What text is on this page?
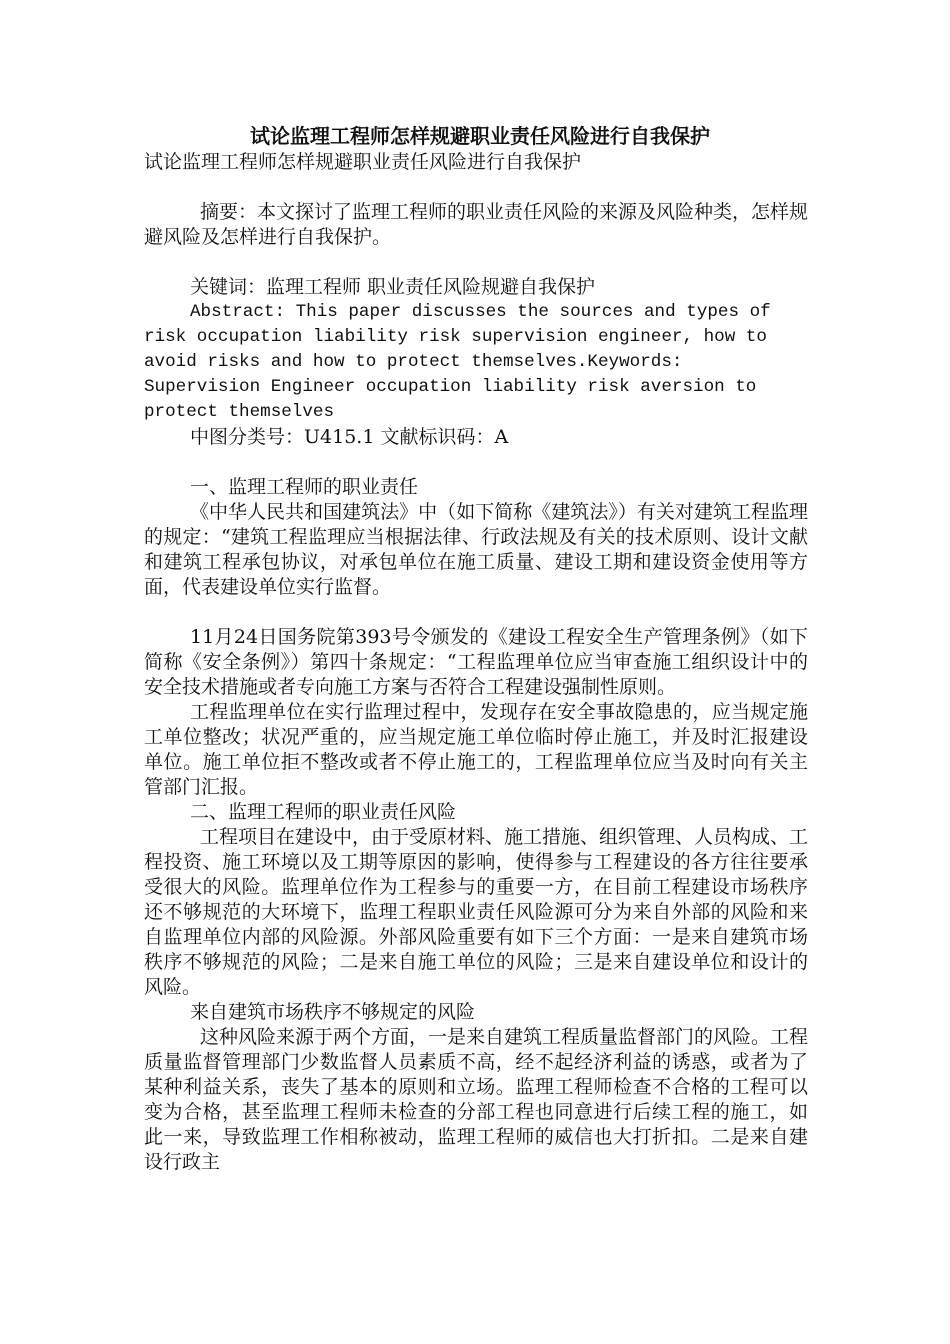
试论监理工程师怎样规避职业责任风险进行自我保护

试论监理工程师怎样规避职业责任风险进行自我保护

摘要：本文探讨了监理工程师的职业责任风险的来源及风险种类，怎样规避风险及怎样进行自我保护。

关键词：监理工程师 职业责任风险规避自我保护

Abstract: This paper discusses the sources and types of risk occupation liability risk supervision engineer, how to avoid risks and how to protect themselves.Keywords: Supervision Engineer occupation liability risk aversion to protect themselves

中图分类号：U415.1 文献标识码：A

一、监理工程师的职业责任

《中华人民共和国建筑法》中（如下简称《建筑法》）有关对建筑工程监理的规定：“建筑工程监理应当根据法律、行政法规及有关的技术原则、设计文献和建筑工程承包协议，对承包单位在施工质量、建设工期和建设资金使用等方面，代表建设单位实行监督。

11月24日国务院第393号令颁发的《建设工程安全生产管理条例》（如下简称《安全条例》）第四十条规定：“工程监理单位应当审查施工组织设计中的安全技术措施或者专向施工方案与否符合工程建设强制性原则。

工程监理单位在实行监理过程中，发现存在安全事故隐患的，应当规定施工单位整改；状况严重的，应当规定施工单位临时停止施工，并及时汇报建设单位。施工单位拒不整改或者不停止施工的，工程监理单位应当及时向有关主管部门汇报。

二、监理工程师的职业责任风险

工程项目在建设中，由于受原材料、施工措施、组织管理、人员构成、工程投资、施工环境以及工期等原因的影响，使得参与工程建设的各方往往要承受很大的风险。监理单位作为工程参与的重要一方，在目前工程建设市场秩序还不够规范的大环境下，监理工程职业责任风险源可分为来自外部的风险和来自监理单位内部的风险源。外部风险重要有如下三个方面：一是来自建筑市场秩序不够规范的风险；二是来自施工单位的风险；三是来自建设单位和设计的风险。

来自建筑市场秩序不够规定的风险

这种风险来源于两个方面，一是来自建筑工程质量监督部门的风险。工程质量监督管理部门少数监督人员素质不高，经不起经济利益的诱惑，或者为了某种利益关系，丧失了基本的原则和立场。监理工程师检查不合格的工程可以变为合格，甚至监理工程师未检查的分部工程也同意进行后续工程的施工，如此一来，导致监理工作相称被动，监理工程师的威信也大打折扣。二是来自建设行政主
